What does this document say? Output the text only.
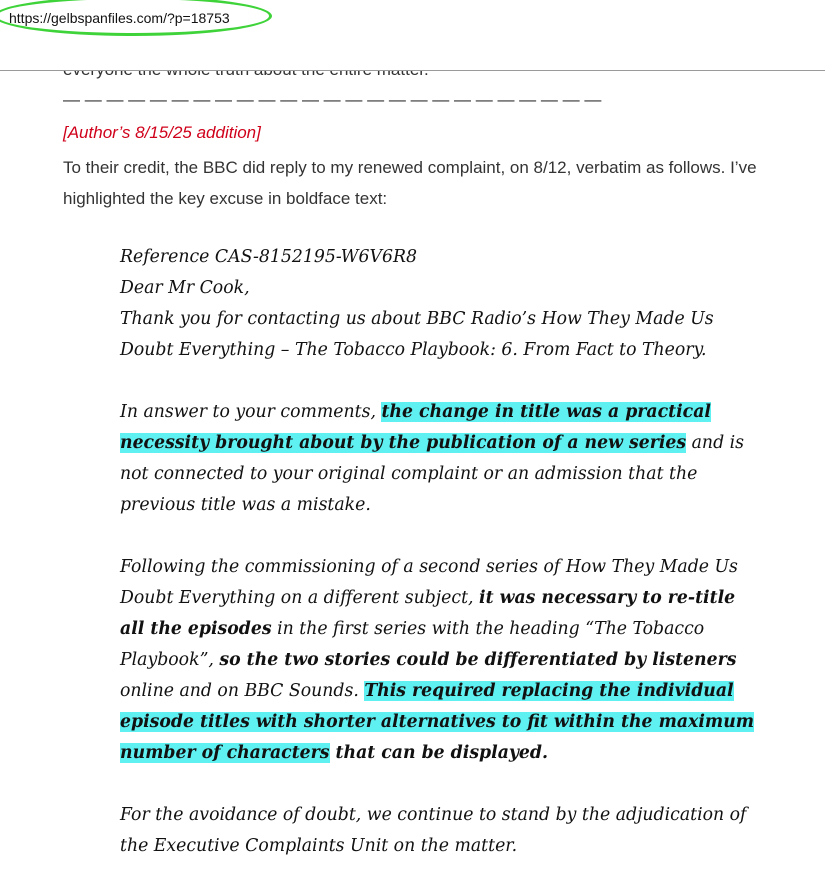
https://gelbspanfiles.com/?p=18753
— — — — — — — — — — — — — — — — — — — — — — — — —
[Author’s 8/15/25 addition]
To their credit, the BBC did reply to my renewed complaint, on 8/12, verbatim as follows. I’ve highlighted the key excuse in boldface text:

Reference CAS-8152195-W6V6R8

Dear Mr Cook,

Thank you for contacting us about BBC Radio’s How They Made Us Doubt Everything – The Tobacco Playbook: 6. From Fact to Theory.

In answer to your comments, the change in title was a practical necessity brought about by the publication of a new series and is not connected to your original complaint or an admission that the previous title was a mistake.

Following the commissioning of a second series of How They Made Us Doubt Everything on a different subject, it was necessary to re-title all the episodes in the first series with the heading “The Tobacco Playbook”, so the two stories could be differentiated by listeners online and on BBC Sounds. This required replacing the individual episode titles with shorter alternatives to fit within the maximum number of characters that can be displayed.

For the avoidance of doubt, we continue to stand by the adjudication of the Executive Complaints Unit on the matter.
